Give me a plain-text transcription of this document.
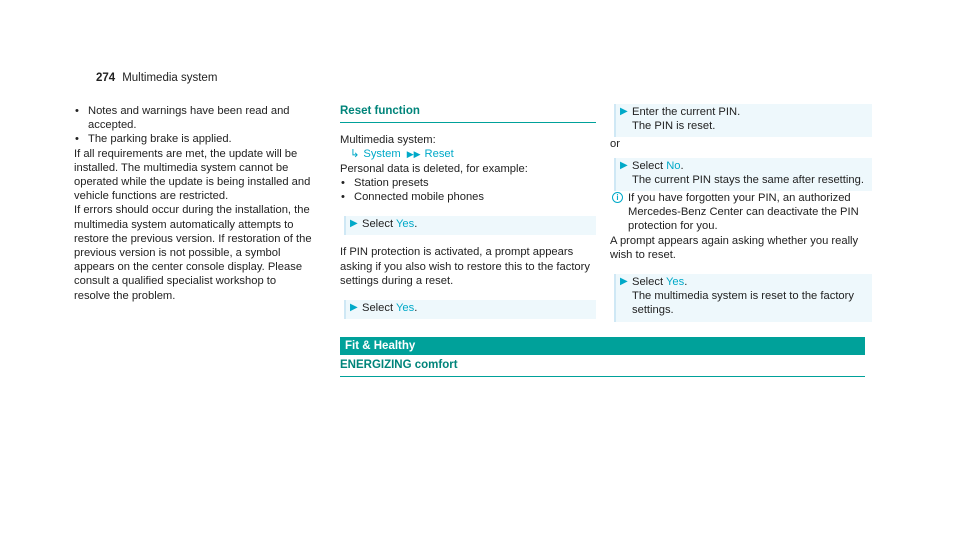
274 Multimedia system

• Notes and warnings have been read and accepted.

• The parking brake is applied.

If all requirements are met, the update will be installed. The multimedia system cannot be operated while the update is being installed and vehicle functions are restricted.

If errors should occur during the installation, the multimedia system automatically attempts to restore the previous version. If restoration of the previous version is not possible, a symbol appears on the center console display. Please consult a qualified specialist workshop to resolve the problem.

Reset function

Multimedia system:

↳ System ▶▶ Reset

Personal data is deleted, for example:

• Station presets

• Connected mobile phones

▶ Select Yes.

If PIN protection is activated, a prompt appears asking if you also wish to restore this to the factory settings during a reset.

▶ Select Yes.
▶ Enter the current PIN.
The PIN is reset.

or

▶ Select No.
The current PIN stays the same after resetting.
i If you have forgotten your PIN, an authorized Mercedes-Benz Center can deactivate the PIN protection for you.

A prompt appears again asking whether you really wish to reset.

▶ Select Yes.
The multimedia system is reset to the factory settings.
Fit & Healthy
ENERGIZING comfort
